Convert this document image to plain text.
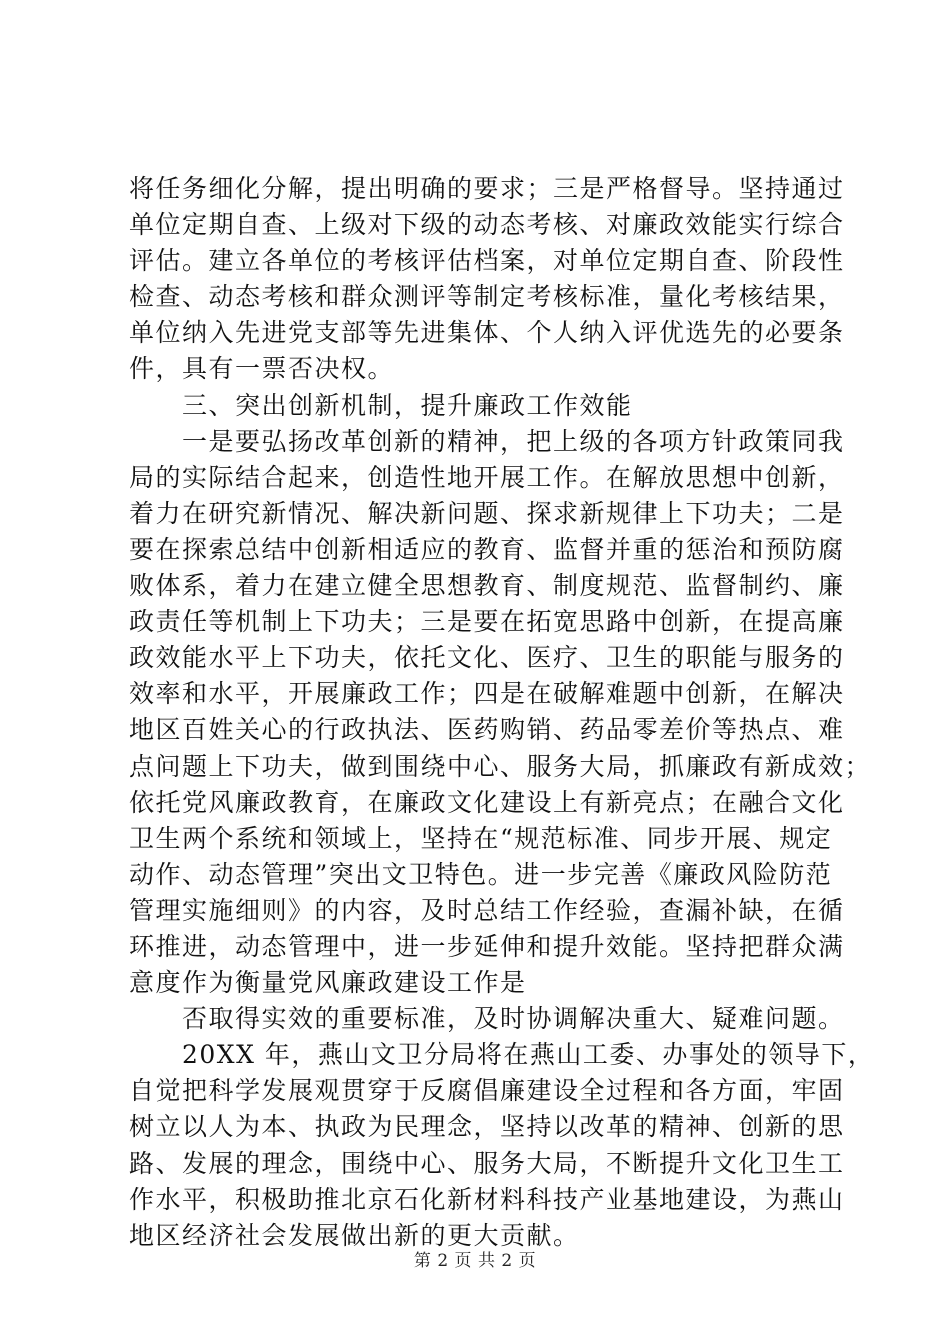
将任务细化分解，提出明确的要求；三是严格督导。坚持通过
单位定期自查、上级对下级的动态考核、对廉政效能实行综合
评估。建立各单位的考核评估档案，对单位定期自查、阶段性
检查、动态考核和群众测评等制定考核标准，量化考核结果，
单位纳入先进党支部等先进集体、个人纳入评优选先的必要条
件，具有一票否决权。
　　三、突出创新机制，提升廉政工作效能
　　一是要弘扬改革创新的精神，把上级的各项方针政策同我
局的实际结合起来，创造性地开展工作。在解放思想中创新，
着力在研究新情况、解决新问题、探求新规律上下功夫；二是
要在探索总结中创新相适应的教育、监督并重的惩治和预防腐
败体系，着力在建立健全思想教育、制度规范、监督制约、廉
政责任等机制上下功夫；三是要在拓宽思路中创新，在提高廉
政效能水平上下功夫，依托文化、医疗、卫生的职能与服务的
效率和水平，开展廉政工作；四是在破解难题中创新，在解决
地区百姓关心的行政执法、医药购销、药品零差价等热点、难
点问题上下功夫，做到围绕中心、服务大局，抓廉政有新成效；
依托党风廉政教育，在廉政文化建设上有新亮点；在融合文化
卫生两个系统和领域上，坚持在“规范标准、同步开展、规定
动作、动态管理”突出文卫特色。进一步完善《廉政风险防范
管理实施细则》的内容，及时总结工作经验，查漏补缺，在循
环推进，动态管理中，进一步延伸和提升效能。坚持把群众满
意度作为衡量党风廉政建设工作是
　　否取得实效的重要标准，及时协调解决重大、疑难问题。
　　20XX 年，燕山文卫分局将在燕山工委、办事处的领导下，
自觉把科学发展观贯穿于反腐倡廉建设全过程和各方面，牢固
树立以人为本、执政为民理念，坚持以改革的精神、创新的思
路、发展的理念，围绕中心、服务大局，不断提升文化卫生工
作水平，积极助推北京石化新材料科技产业基地建设，为燕山
地区经济社会发展做出新的更大贡献。
第 2 页 共 2 页
